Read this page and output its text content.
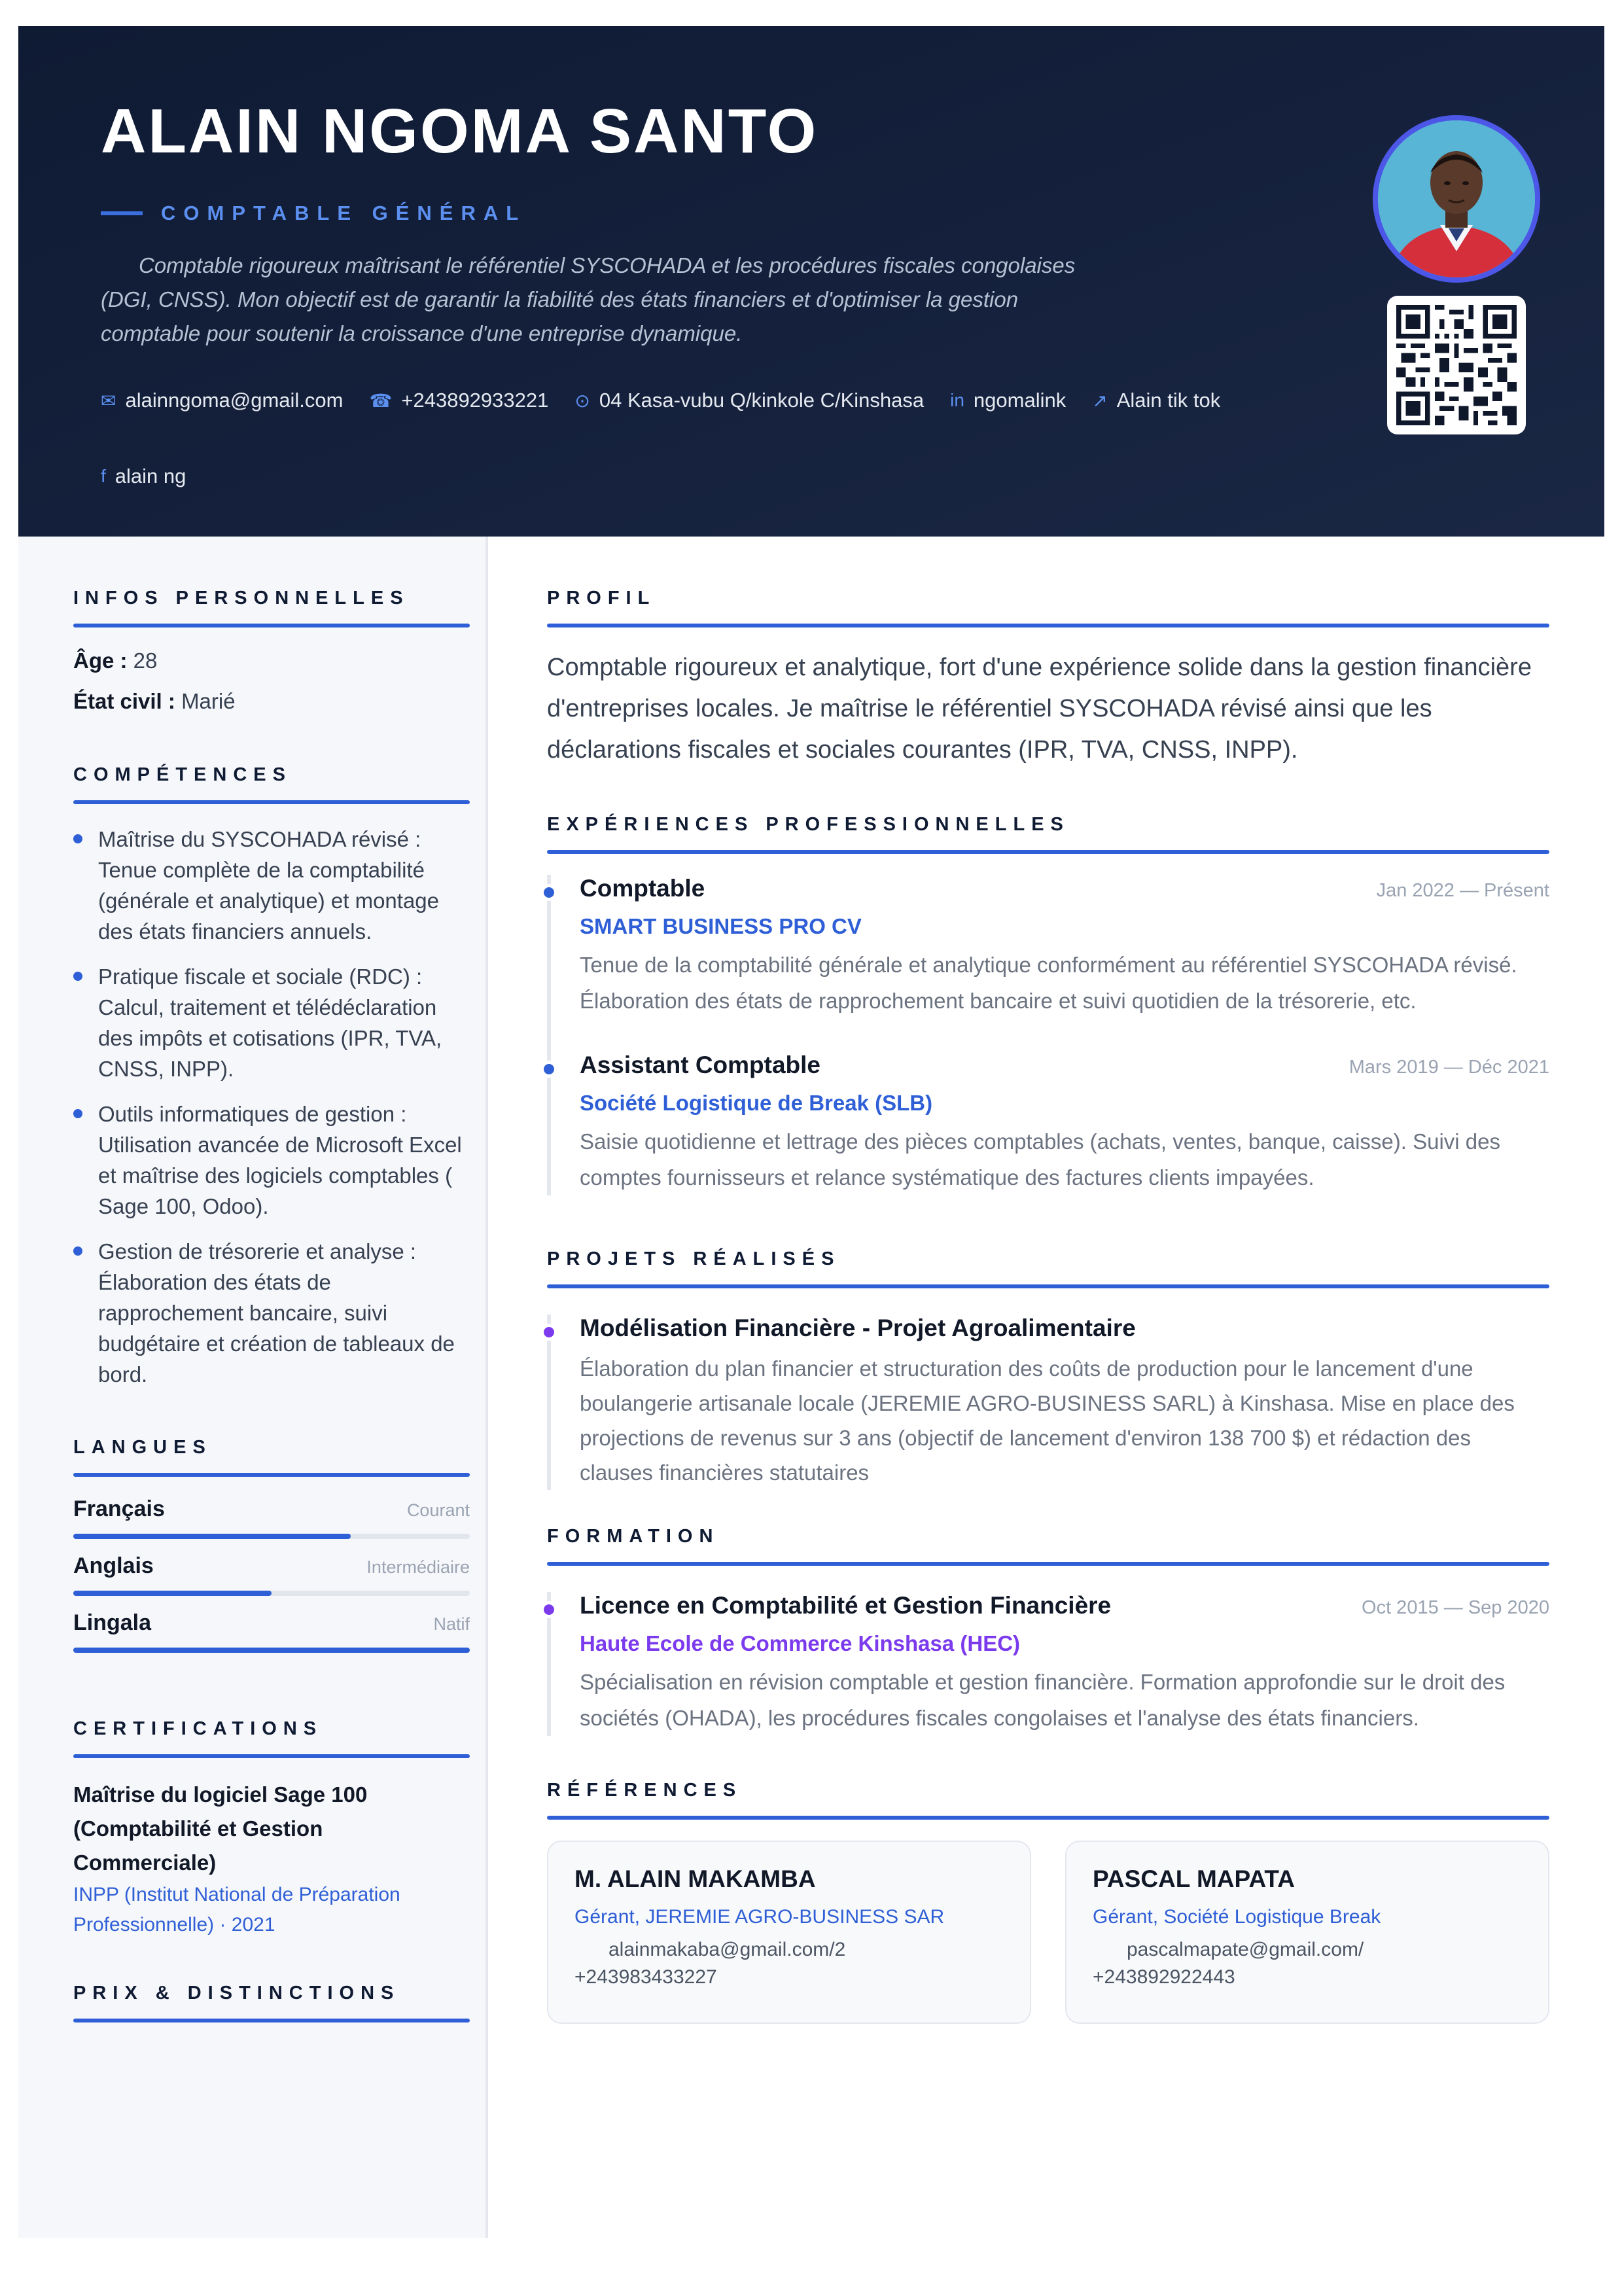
ALAIN NGOMA SANTO
COMPTABLE GÉNÉRAL
Comptable rigoureux maîtrisant le référentiel SYSCOHADA et les procédures fiscales congolaises (DGI, CNSS). Mon objectif est de garantir la fiabilité des états financiers et d'optimiser la gestion comptable pour soutenir la croissance d'une entreprise dynamique.
✉ alainngoma@gmail.com ☎ +243892933221 ⊙ 04 Kasa-vubu Q/kinkole C/Kinshasa in ngomalink ↗ Alain tik tok
f alain ng
INFOS PERSONNELLES
Âge : 28
État civil : Marié
COMPÉTENCES
Maîtrise du SYSCOHADA révisé : Tenue complète de la comptabilité (générale et analytique) et montage des états financiers annuels.
Pratique fiscale et sociale (RDC) : Calcul, traitement et télédéclaration des impôts et cotisations (IPR, TVA, CNSS, INPP).
Outils informatiques de gestion : Utilisation avancée de Microsoft Excel et maîtrise des logiciels comptables ( Sage 100, Odoo).
Gestion de trésorerie et analyse : Élaboration des états de rapprochement bancaire, suivi budgétaire et création de tableaux de bord.
LANGUES
Français	Courant
Anglais	Intermédiaire
Lingala	Natif
CERTIFICATIONS
Maîtrise du logiciel Sage 100 (Comptabilité et Gestion Commerciale)
INPP (Institut National de Préparation Professionnelle) · 2021
PRIX & DISTINCTIONS
PROFIL
Comptable rigoureux et analytique, fort d'une expérience solide dans la gestion financière d'entreprises locales. Je maîtrise le référentiel SYSCOHADA révisé ainsi que les déclarations fiscales et sociales courantes (IPR, TVA, CNSS, INPP).
EXPÉRIENCES PROFESSIONNELLES
Comptable	Jan 2022 — Présent
SMART BUSINESS PRO CV
Tenue de la comptabilité générale et analytique conformément au référentiel SYSCOHADA révisé. Élaboration des états de rapprochement bancaire et suivi quotidien de la trésorerie, etc.
Assistant Comptable	Mars 2019 — Déc 2021
Société Logistique de Break (SLB)
Saisie quotidienne et lettrage des pièces comptables (achats, ventes, banque, caisse). Suivi des comptes fournisseurs et relance systématique des factures clients impayées.
PROJETS RÉALISÉS
Modélisation Financière - Projet Agroalimentaire
Élaboration du plan financier et structuration des coûts de production pour le lancement d'une boulangerie artisanale locale (JEREMIE AGRO-BUSINESS SARL) à Kinshasa. Mise en place des projections de revenus sur 3 ans (objectif de lancement d'environ 138 700 $) et rédaction des clauses financières statutaires
FORMATION
Licence en Comptabilité et Gestion Financière	Oct 2015 — Sep 2020
Haute Ecole de Commerce Kinshasa (HEC)
Spécialisation en révision comptable et gestion financière. Formation approfondie sur le droit des sociétés (OHADA), les procédures fiscales congolaises et l'analyse des états financiers.
RÉFÉRENCES
M. ALAIN MAKAMBA
Gérant, JEREMIE AGRO-BUSINESS SAR
alainmakaba@gmail.com/2
+243983433227
PASCAL MAPATA
Gérant, Société Logistique Break
pascalmapate@gmail.com/
+243892922443
